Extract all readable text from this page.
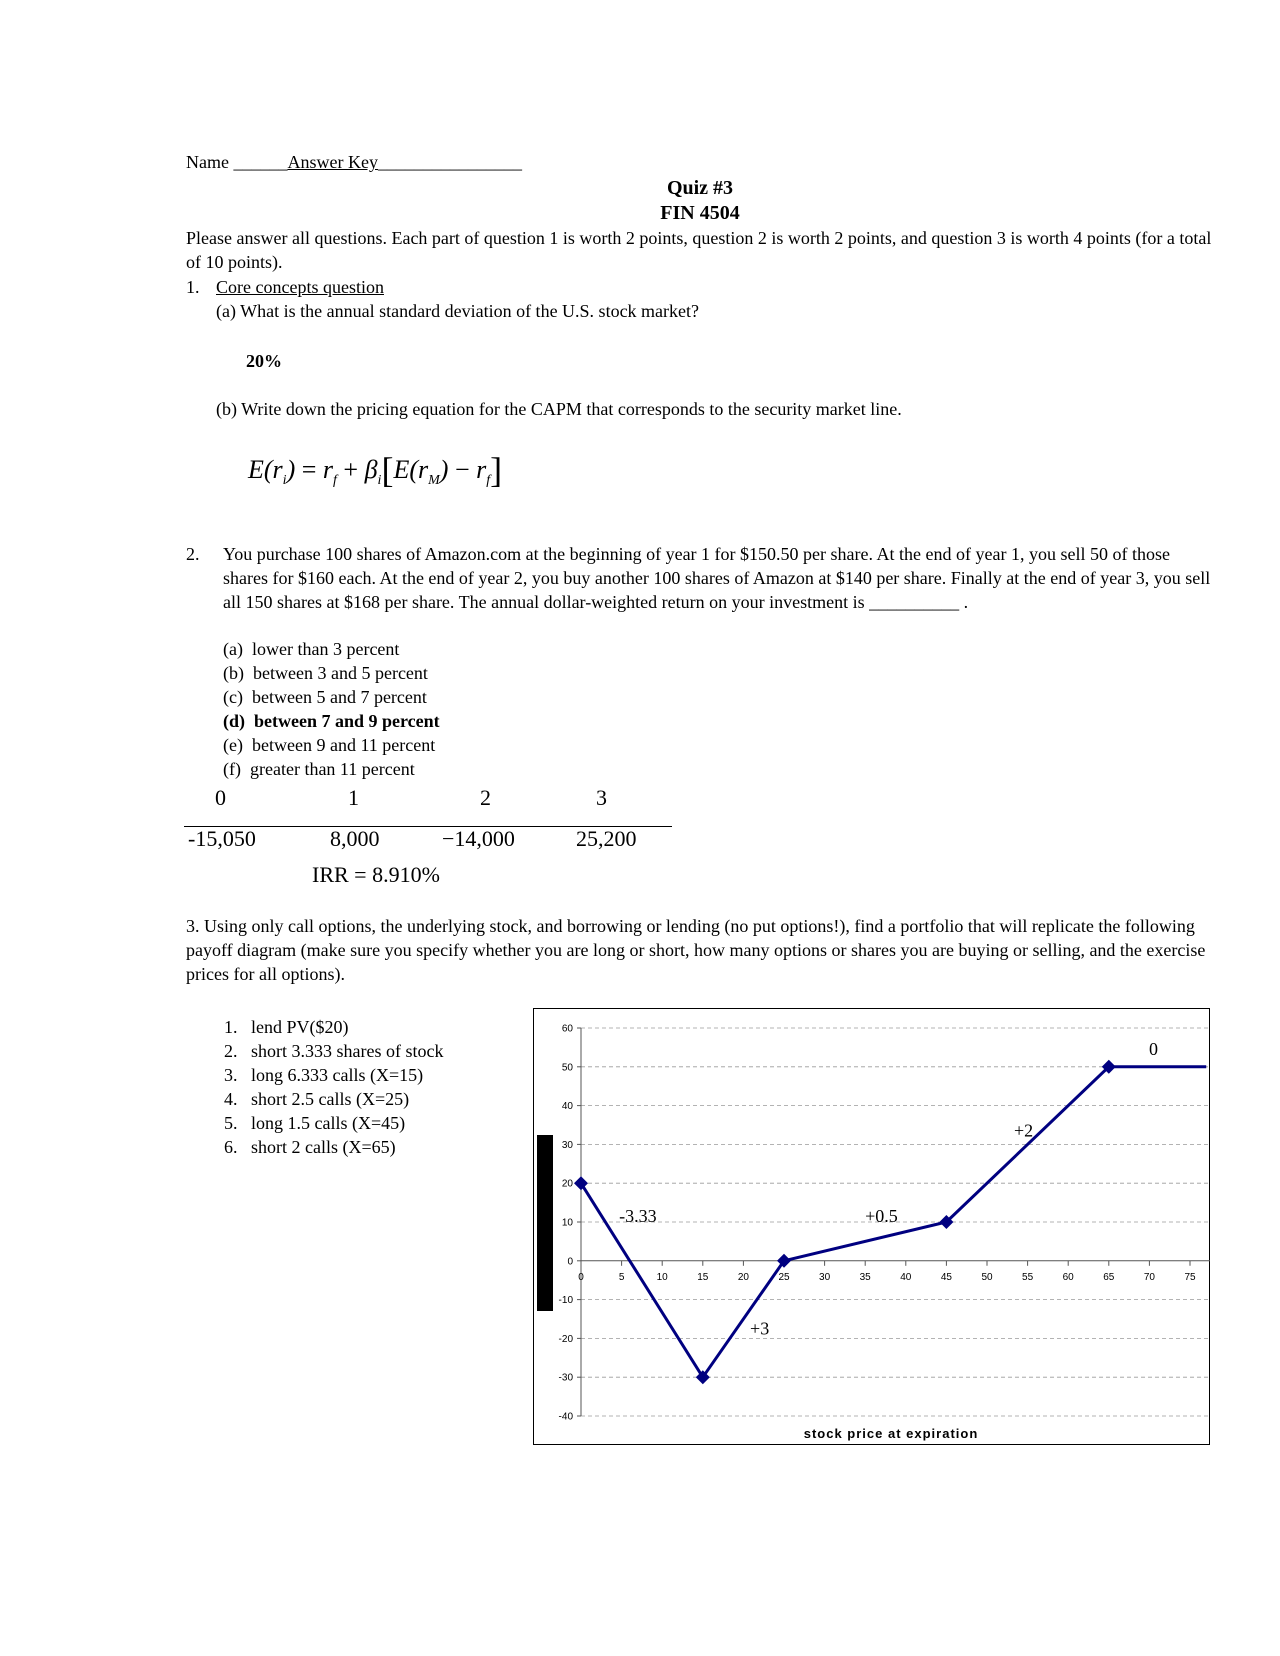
Name ______Answer Key________________
Quiz #3
FIN 4504
Please answer all questions. Each part of question 1 is worth 2 points, question 2 is worth 2 points, and question 3 is worth 4 points (for a total of 10 points).
1. Core concepts question
(a) What is the annual standard deviation of the U.S. stock market?
20%
(b) Write down the pricing equation for the CAPM that corresponds to the security market line.
$E(r_i) = r_f + \beta_i[E(r_M) - r_f]$
2. You purchase 100 shares of Amazon.com at the beginning of year 1 for $150.50 per share. At the end of year 1, you sell 50 of those shares for $160 each. At the end of year 2, you buy another 100 shares of Amazon at $140 per share. Finally at the end of year 3, you sell all 150 shares at $168 per share. The annual dollar-weighted return on your investment is __________ .
(a) lower than 3 percent
(b) between 3 and 5 percent
(c) between 5 and 7 percent
(d) between 7 and 9 percent
(e) between 9 and 11 percent
(f) greater than 11 percent
0	1	2	3
-15,050	8,000	−14,000	25,200
IRR = 8.910%
3. Using only call options, the underlying stock, and borrowing or lending (no put options!), find a portfolio that will replicate the following payoff diagram (make sure you specify whether you are long or short, how many options or shares you are buying or selling, and the exercise prices for all options).
1. lend PV($20)
2. short 3.333 shares of stock
3. long 6.333 calls (X=15)
4. short 2.5 calls (X=25)
5. long 1.5 calls (X=45)
6. short 2 calls (X=65)
60
50
40
30
20
10
0
-10
-20
-30
-40
0	5	10	15	20	25	30	35	40	45	50	55	60	65	70	75
stock price at expiration
-3.33
+3
+0.5
+2
0
